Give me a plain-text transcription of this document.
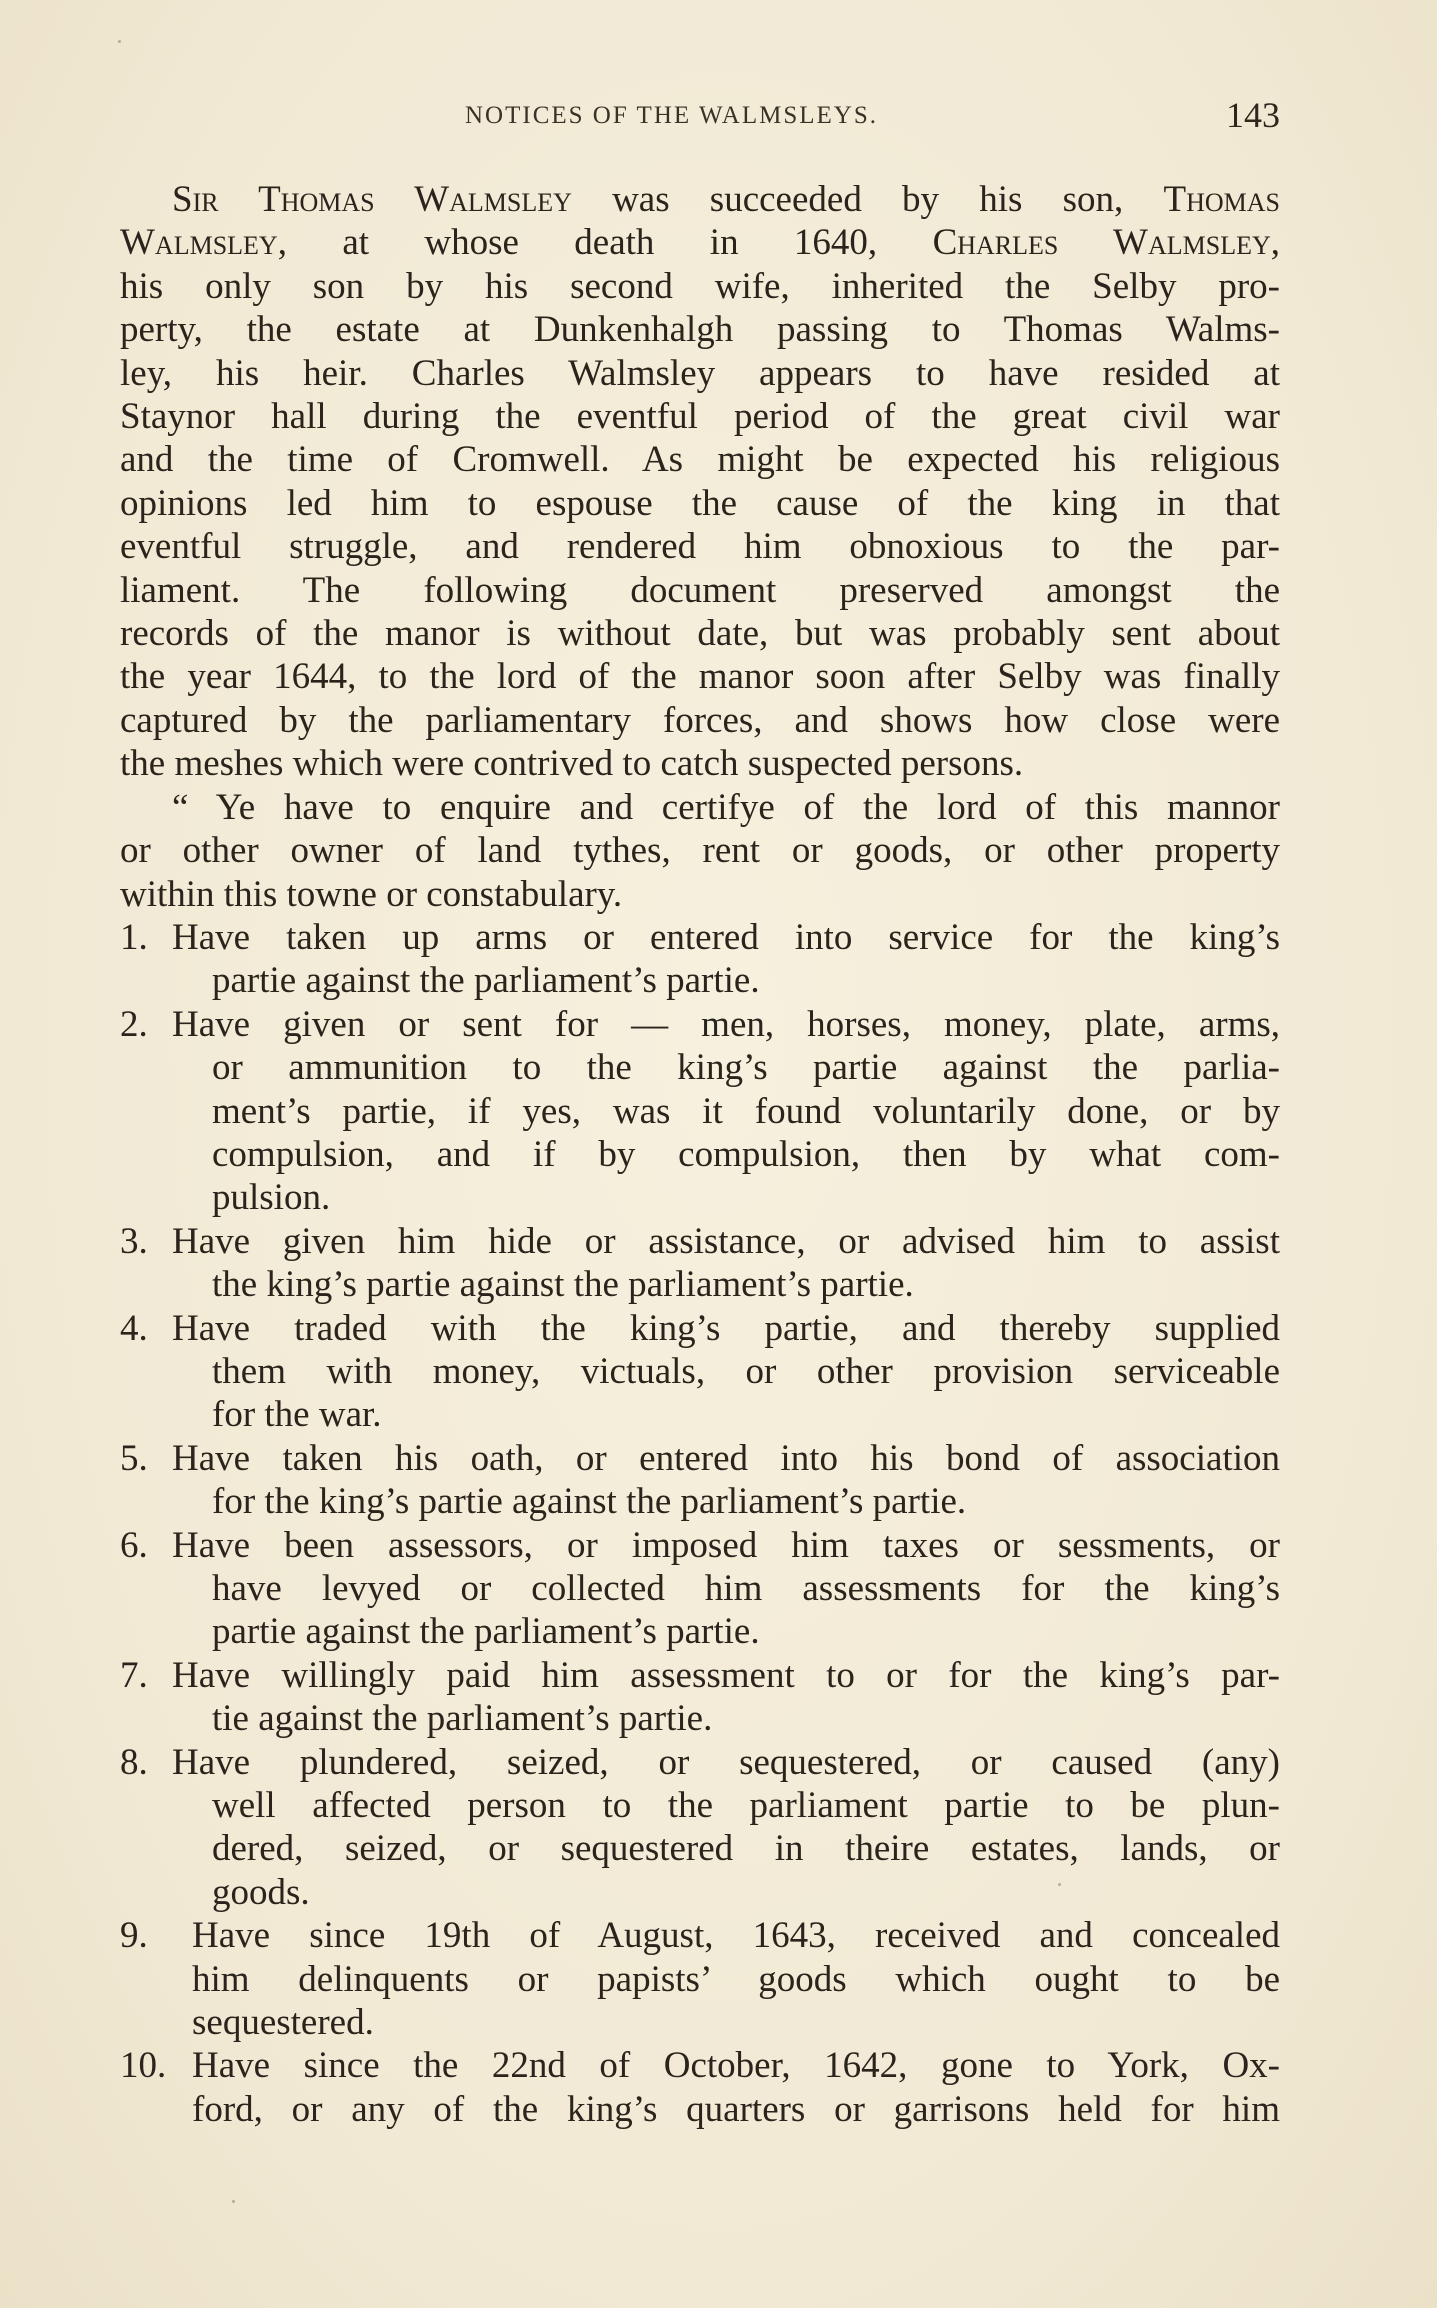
NOTICES OF THE WALMSLEYS.	143
Sir Thomas Walmsley was succeeded by his son, Thomas
Walmsley, at whose death in 1640, Charles Walmsley,
his only son by his second wife, inherited the Selby pro-
perty, the estate at Dunkenhalgh passing to Thomas Walms-
ley, his heir. Charles Walmsley appears to have resided at
Staynor hall during the eventful period of the great civil war
and the time of Cromwell. As might be expected his religious
opinions led him to espouse the cause of the king in that
eventful struggle, and rendered him obnoxious to the par-
liament. The following document preserved amongst the
records of the manor is without date, but was probably sent about
the year 1644, to the lord of the manor soon after Selby was finally
captured by the parliamentary forces, and shows how close were
the meshes which were contrived to catch suspected persons.
“ Ye have to enquire and certifye of the lord of this mannor
or other owner of land tythes, rent or goods, or other property
within this towne or constabulary.
1. Have taken up arms or entered into service for the king’s
partie against the parliament’s partie.
2. Have given or sent for — men, horses, money, plate, arms,
or ammunition to the king’s partie against the parlia-
ment’s partie, if yes, was it found voluntarily done, or by
compulsion, and if by compulsion, then by what com-
pulsion.
3. Have given him hide or assistance, or advised him to assist
the king’s partie against the parliament’s partie.
4. Have traded with the king’s partie, and thereby supplied
them with money, victuals, or other provision serviceable
for the war.
5. Have taken his oath, or entered into his bond of association
for the king’s partie against the parliament’s partie.
6. Have been assessors, or imposed him taxes or sessments, or
have levyed or collected him assessments for the king’s
partie against the parliament’s partie.
7. Have willingly paid him assessment to or for the king’s par-
tie against the parliament’s partie.
8. Have plundered, seized, or sequestered, or caused (any)
well affected person to the parliament partie to be plun-
dered, seized, or sequestered in theire estates, lands, or
goods.
9.	Have since 19th of August, 1643, received and concealed
him delinquents or papists’ goods which ought to be
sequestered.
10. Have since the 22nd of October, 1642, gone to York, Ox-
ford, or any of the king’s quarters or garrisons held for him
